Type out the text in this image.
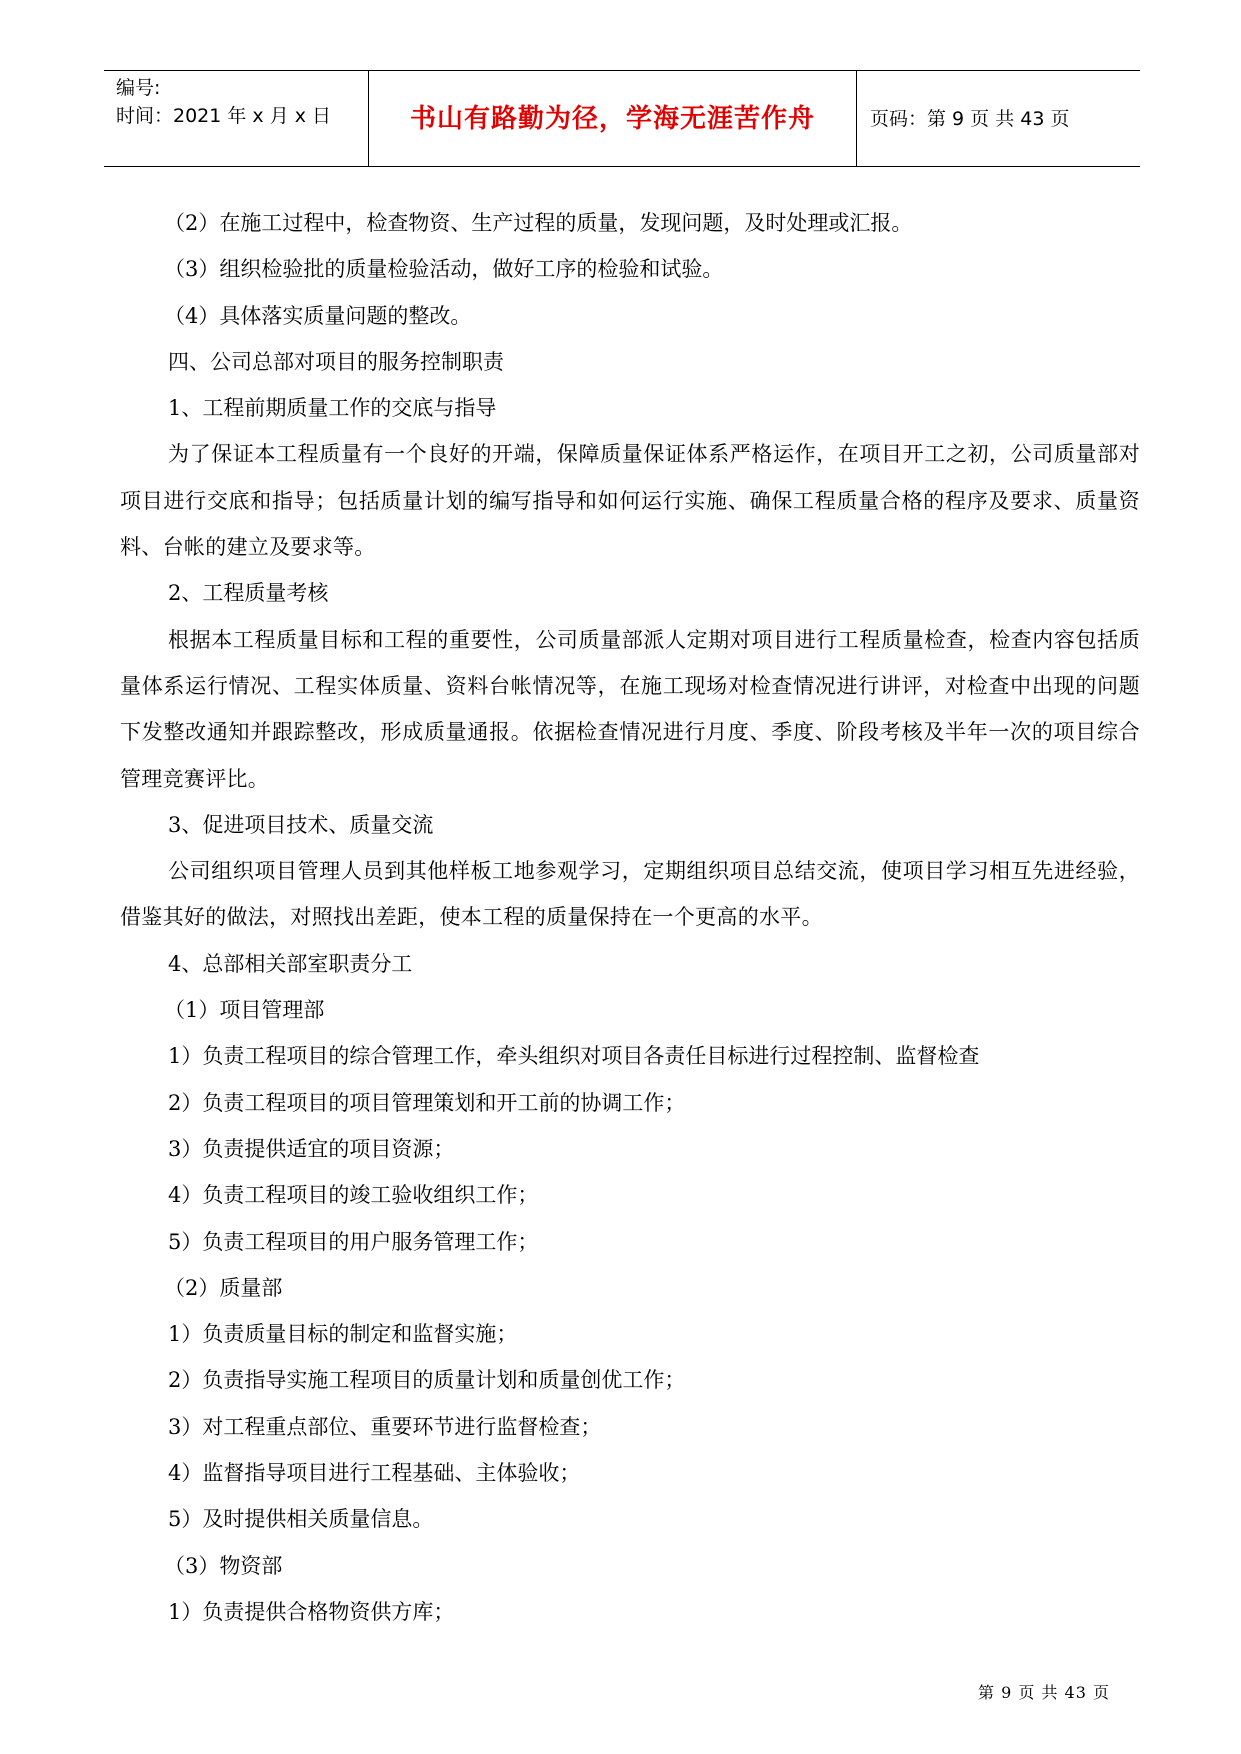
编号:
时间：2021 年 x 月 x 日	书山有路勤为径，学海无涯苦作舟	页码：第 9 页 共 43 页

（2）在施工过程中，检查物资、生产过程的质量，发现问题，及时处理或汇报。

（3）组织检验批的质量检验活动，做好工序的检验和试验。

（4）具体落实质量问题的整改。

四、公司总部对项目的服务控制职责

1、工程前期质量工作的交底与指导

为了保证本工程质量有一个良好的开端，保障质量保证体系严格运作，在项目开工之初，公司质量部对项目进行交底和指导；包括质量计划的编写指导和如何运行实施、确保工程质量合格的程序及要求、质量资料、台帐的建立及要求等。

2、工程质量考核

根据本工程质量目标和工程的重要性，公司质量部派人定期对项目进行工程质量检查，检查内容包括质量体系运行情况、工程实体质量、资料台帐情况等，在施工现场对检查情况进行讲评，对检查中出现的问题下发整改通知并跟踪整改，形成质量通报。依据检查情况进行月度、季度、阶段考核及半年一次的项目综合管理竞赛评比。

3、促进项目技术、质量交流

公司组织项目管理人员到其他样板工地参观学习，定期组织项目总结交流，使项目学习相互先进经验，借鉴其好的做法，对照找出差距，使本工程的质量保持在一个更高的水平。

4、总部相关部室职责分工

（1）项目管理部

1）负责工程项目的综合管理工作，牵头组织对项目各责任目标进行过程控制、监督检查

2）负责工程项目的项目管理策划和开工前的协调工作；

3）负责提供适宜的项目资源；

4）负责工程项目的竣工验收组织工作；

5）负责工程项目的用户服务管理工作；

（2）质量部

1）负责质量目标的制定和监督实施；

2）负责指导实施工程项目的质量计划和质量创优工作；

3）对工程重点部位、重要环节进行监督检查；

4）监督指导项目进行工程基础、主体验收；

5）及时提供相关质量信息。

（3）物资部

1）负责提供合格物资供方库；

第 9 页 共 43 页
